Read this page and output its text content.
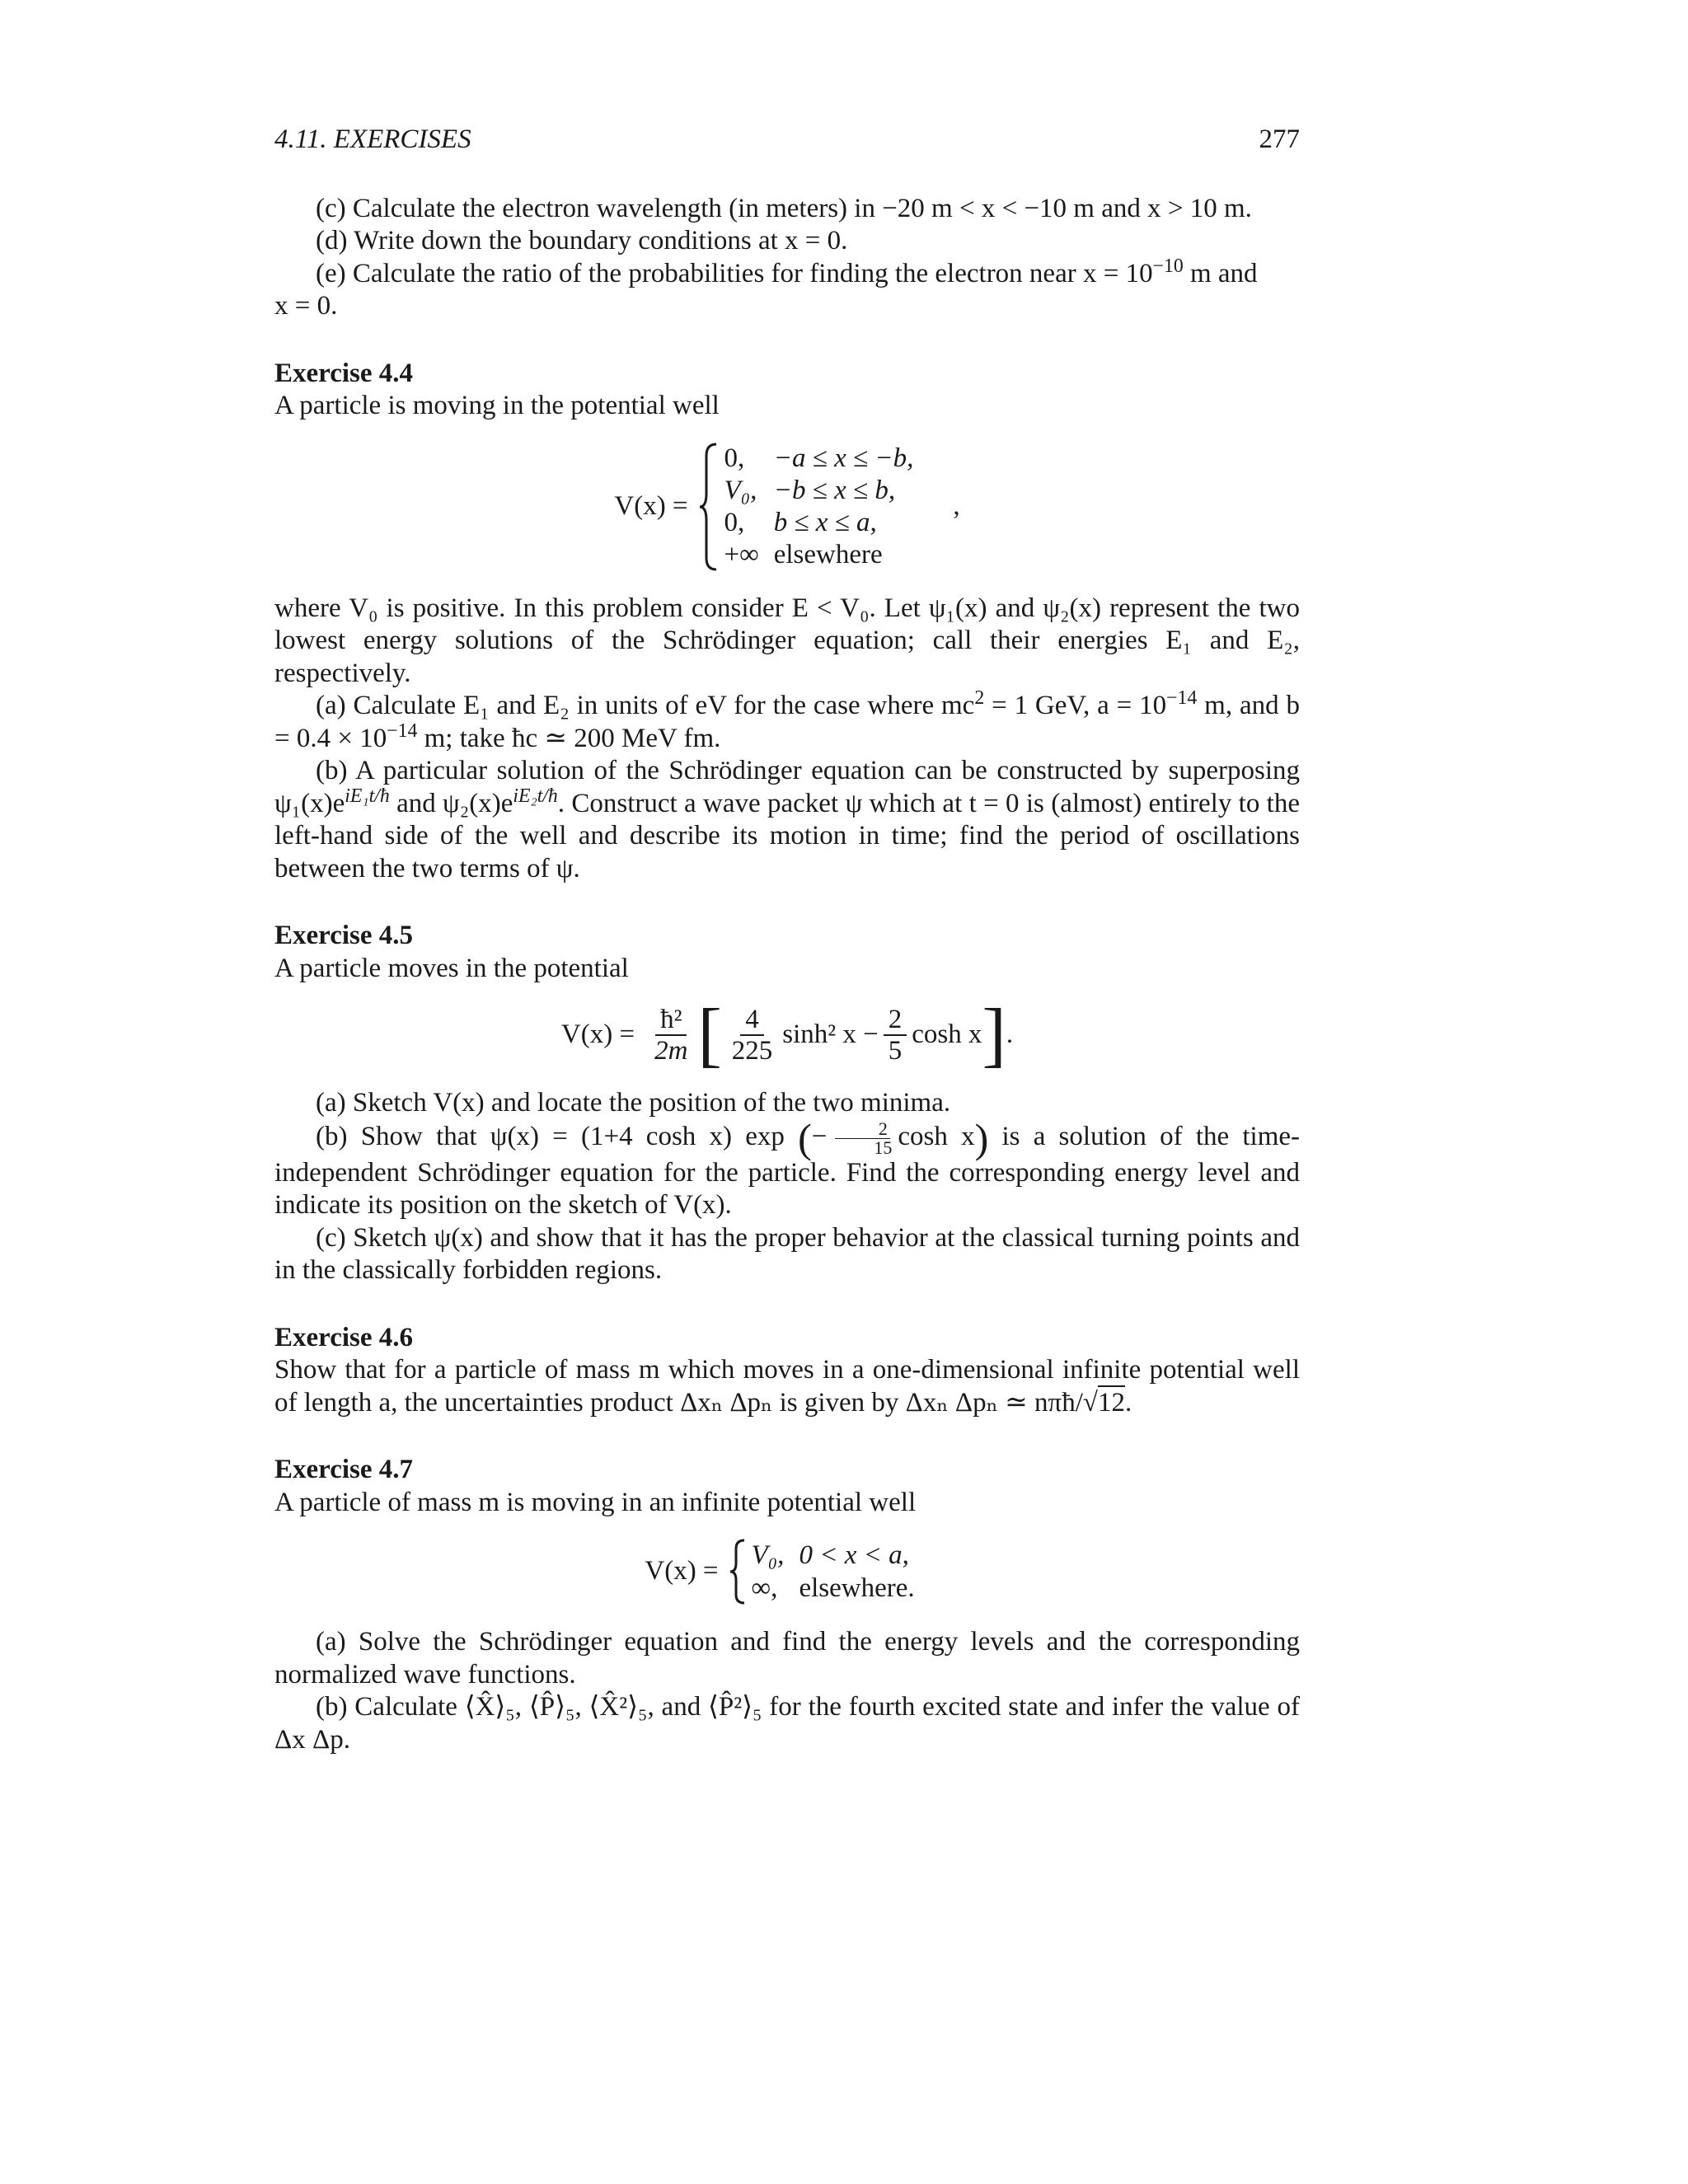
4.11. EXERCISES	277

(c) Calculate the electron wavelength (in meters) in −20 m < x < −10 m and x > 10 m.

(d) Write down the boundary conditions at x = 0.

(e) Calculate the ratio of the probabilities for finding the electron near $x = 10^{-10}$ m and

x = 0.

Exercise 4.4

A particle is moving in the potential well

V(x) =
0,	−a ≤ x ≤ −b,
V₀,	−b ≤ x ≤ b,
0,	b ≤ x ≤ a,
+∞	elsewhere
,

where V₀ is positive. In this problem consider E < V₀. Let ψ₁(x) and ψ₂(x) represent the two lowest energy solutions of the Schrödinger equation; call their energies E₁ and E₂, respectively.

(a) Calculate E₁ and E₂ in units of eV for the case where $mc^2 = 1$ GeV, $a = 10^{-14}$ m, and $b = 0.4 \times 10^{-14}$ m; take ħc ≃ 200 MeV fm.

(b) A particular solution of the Schrödinger equation can be constructed by superposing $\psi_1(x)e^{iE_1t/ħ}$ and $\psi_2(x)e^{iE_2t/ħ}$. Construct a wave packet ψ which at t = 0 is (almost) entirely to the left-hand side of the well and describe its motion in time; find the period of oscillations between the two terms of ψ.

Exercise 4.5

A particle moves in the potential

$V(x) = \frac{\text{ħ²}}{2m}$ [ $\frac{4}{225} \sinh^2$ $x - \frac{2}{5}$ cosh x ] .

(a) Sketch V(x) and locate the position of the two minima.

(b) Show that ψ(x) = (1+4 cosh x) exp (− $\frac{2}{15}$ cosh x) is a solution of the time-independent Schrödinger equation for the particle. Find the corresponding energy level and indicate its position on the sketch of V(x).

(c) Sketch ψ(x) and show that it has the proper behavior at the classical turning points and in the classically forbidden regions.

Exercise 4.6

Show that for a particle of mass m which moves in a one-dimensional infinite potential well of length a, the uncertainties product Δxₙ Δpₙ is given by Δxₙ Δpₙ ≃ nπħ/√12.

Exercise 4.7

A particle of mass m is moving in an infinite potential well

V(x) =
V₀,	0 < x < a,
∞,	elsewhere.

(a) Solve the Schrödinger equation and find the energy levels and the corresponding normalized wave functions.

(b) Calculate ⟨X̂⟩₅, ⟨P̂⟩₅, ⟨X̂²⟩₅, and ⟨P̂²⟩₅ for the fourth excited state and infer the value of Δx Δp.
